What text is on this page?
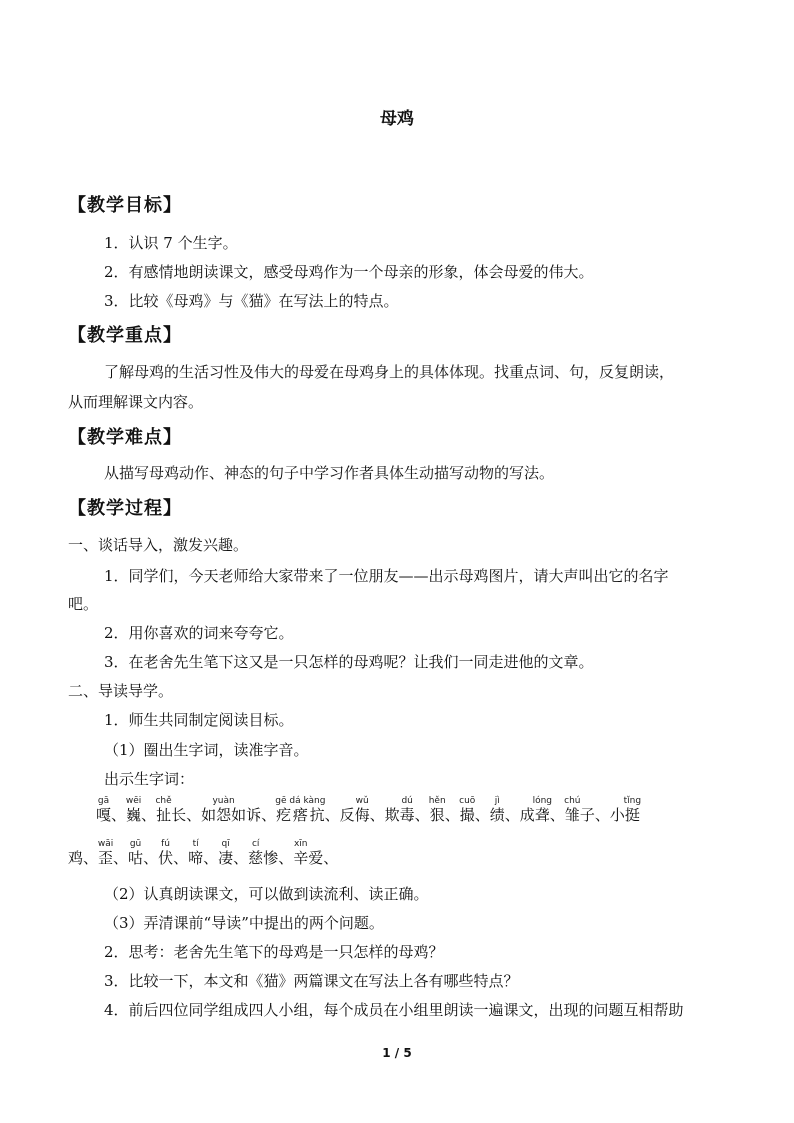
母鸡
【教学目标】
1．认识 7 个生字。
2．有感情地朗读课文，感受母鸡作为一个母亲的形象，体会母爱的伟大。
3．比较《母鸡》与《猫》在写法上的特点。
【教学重点】
了解母鸡的生活习性及伟大的母爱在母鸡身上的具体体现。找重点词、句，反复朗读，
从而理解课文内容。
【教学难点】
从描写母鸡动作、神态的句子中学习作者具体生动描写动物的写法。
【教学过程】
一、谈话导入，激发兴趣。
1．同学们，今天老师给大家带来了一位朋友——出示母鸡图片，请大声叫出它的名字
吧。
2．用你喜欢的词来夸夸它。
3．在老舍先生笔下这又是一只怎样的母鸡呢？让我们一同走进他的文章。
二、导读导学。
1．师生共同制定阅读目标。
（1）圈出生字词，读准字音。
出示生字词：
嘎gā、巍wēi、扯chě长、如怨yuàn如诉、疙瘩抗gē dá kàng、反侮wǔ、欺毒dú、狠hěn、撮cuō、绩jì、成聋lóng、雏chú子、小挺tǐng
鸡、歪wāi、咕gū、伏fú、啼tí、凄qī、慈cí惨、辛xīn爱、
（2）认真朗读课文，可以做到读流利、读正确。
（3）弄清课前“导读”中提出的两个问题。
2．思考：老舍先生笔下的母鸡是一只怎样的母鸡？
3．比较一下，本文和《猫》两篇课文在写法上各有哪些特点？
4．前后四位同学组成四人小组，每个成员在小组里朗读一遍课文，出现的问题互相帮助
1 / 5
